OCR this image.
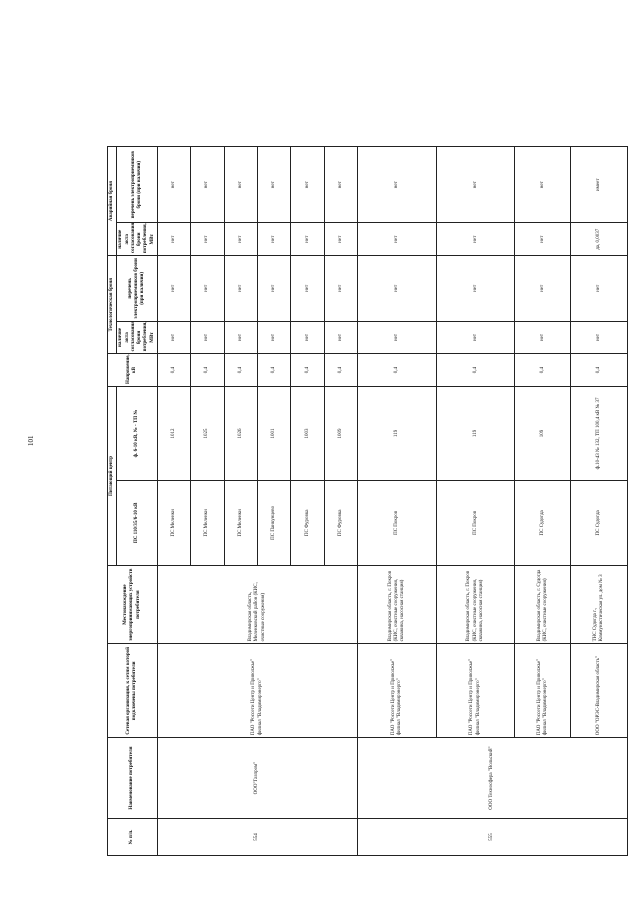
101
№ п/п.	Наименование потребителя	Сетевая организация, к сетям которой подключены потребители	Местонахождение энергопринимающих устройств потребителя	Питающий центр		Напряжение, кВ	Технологическая броня		Аварийная броня	
				ПС 110/35/6-10 кВ	ф. 6-10 кВ, № - ТП №		наличие акта согласования брони потребления, МВт	перечень электроприемников брони (при наличии)	наличие акта согласования брони потребления, МВт	перечень электроприемников брони (при наличии)

554	ООО"Газпром"	ПАО "Россети Центр и Приволжье" филиал "Владимирэнерго"	Владимирская область, Меленковский район (КИС, очистные сооружения)	ПС Меленки	1012	0,4	нет	нет	нет	нет
				ПС Меленки	1025	0,4	нет	нет	нет	нет
				ПС Меленки	1026	0,4	нет	нет	нет	нет
				ПС Панкунцево	1001	0,4	нет	нет	нет	нет
				ПС Фуровка	1003	0,4	нет	нет	нет	нет
				ПС Фуровка	1009	0,4	нет	нет	нет	нет
555	ООО Техносфера "Вольский"	ПАО "Россети Центр и Приволжье" филиал "Владимирэнерго"	Владимирская область, г. Покров (КИС, очистные сооружения, скважина, насосная станция)	ПС Покров	119	0,4	нет	нет	нет	нет
		ПАО "Россети Центр и Приволжье" филиал "Владимирэнерго"	Владимирская область, г. Покров (КИС, очистные сооружения, скважина, насосная станция)	ПС Покров	119	0,4	нет	нет	нет	нет
		ПАО "Россети Центр и Приволжье" филиал "Владимирэнерго"	Владимирская область, г. Судогда (КИС, очистные сооружения)	ПС Судогда	109	0,4	нет	нет	нет	нет
		ООО "ОРЭС-Владимирская область"	ТНС Судогда г., Коммунистическая ул. дом № 3	ПС Судогда	ф.10-43 № 132, ТП 100,4 кВ № 37	0,4	нет	нет	да, 0,0037	имеет
